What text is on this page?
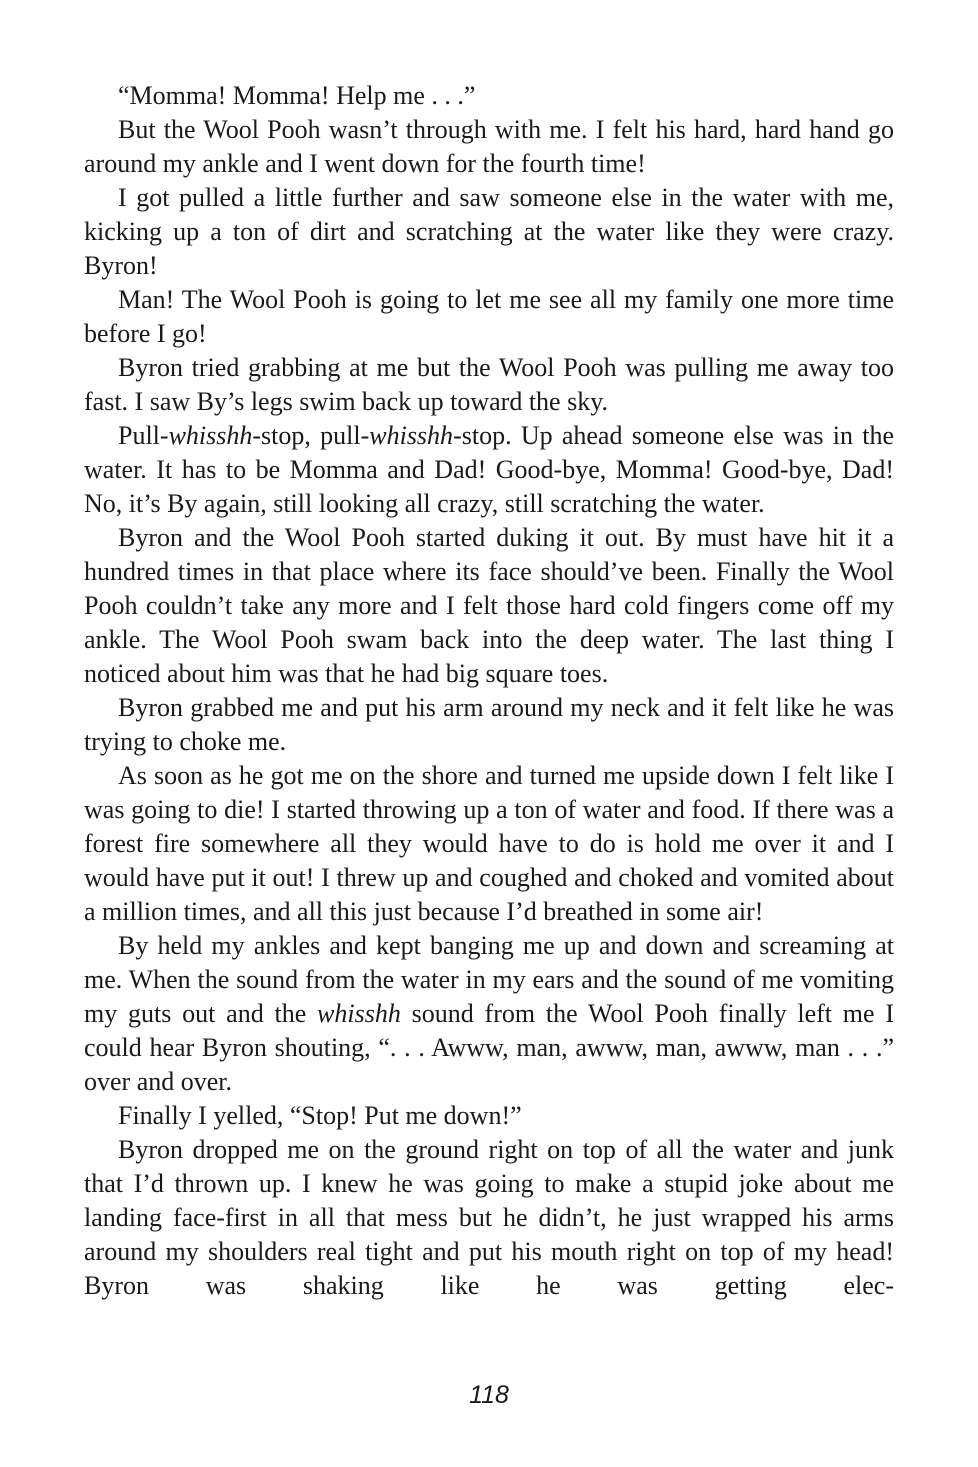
“Momma! Momma! Help me . . .”

But the Wool Pooh wasn’t through with me. I felt his hard, hard hand go around my ankle and I went down for the fourth time!

I got pulled a little further and saw someone else in the water with me, kicking up a ton of dirt and scratching at the water like they were crazy. Byron!

Man! The Wool Pooh is going to let me see all my family one more time before I go!

Byron tried grabbing at me but the Wool Pooh was pulling me away too fast. I saw By’s legs swim back up toward the sky.

Pull-whisshh-stop, pull-whisshh-stop. Up ahead someone else was in the water. It has to be Momma and Dad! Good-bye, Momma! Good-bye, Dad! No, it’s By again, still looking all crazy, still scratching the water.

Byron and the Wool Pooh started duking it out. By must have hit it a hundred times in that place where its face should’ve been. Finally the Wool Pooh couldn’t take any more and I felt those hard cold fingers come off my ankle. The Wool Pooh swam back into the deep water. The last thing I noticed about him was that he had big square toes.

Byron grabbed me and put his arm around my neck and it felt like he was trying to choke me.

As soon as he got me on the shore and turned me upside down I felt like I was going to die! I started throwing up a ton of water and food. If there was a forest fire somewhere all they would have to do is hold me over it and I would have put it out! I threw up and coughed and choked and vomited about a million times, and all this just because I’d breathed in some air!

By held my ankles and kept banging me up and down and screaming at me. When the sound from the water in my ears and the sound of me vomiting my guts out and the whisshh sound from the Wool Pooh finally left me I could hear Byron shouting, “. . . Awww, man, awww, man, awww, man . . .” over and over.

Finally I yelled, “Stop! Put me down!”

Byron dropped me on the ground right on top of all the water and junk that I’d thrown up. I knew he was going to make a stupid joke about me landing face-first in all that mess but he didn’t, he just wrapped his arms around my shoulders real tight and put his mouth right on top of my head! Byron was shaking like he was getting elec-

118
